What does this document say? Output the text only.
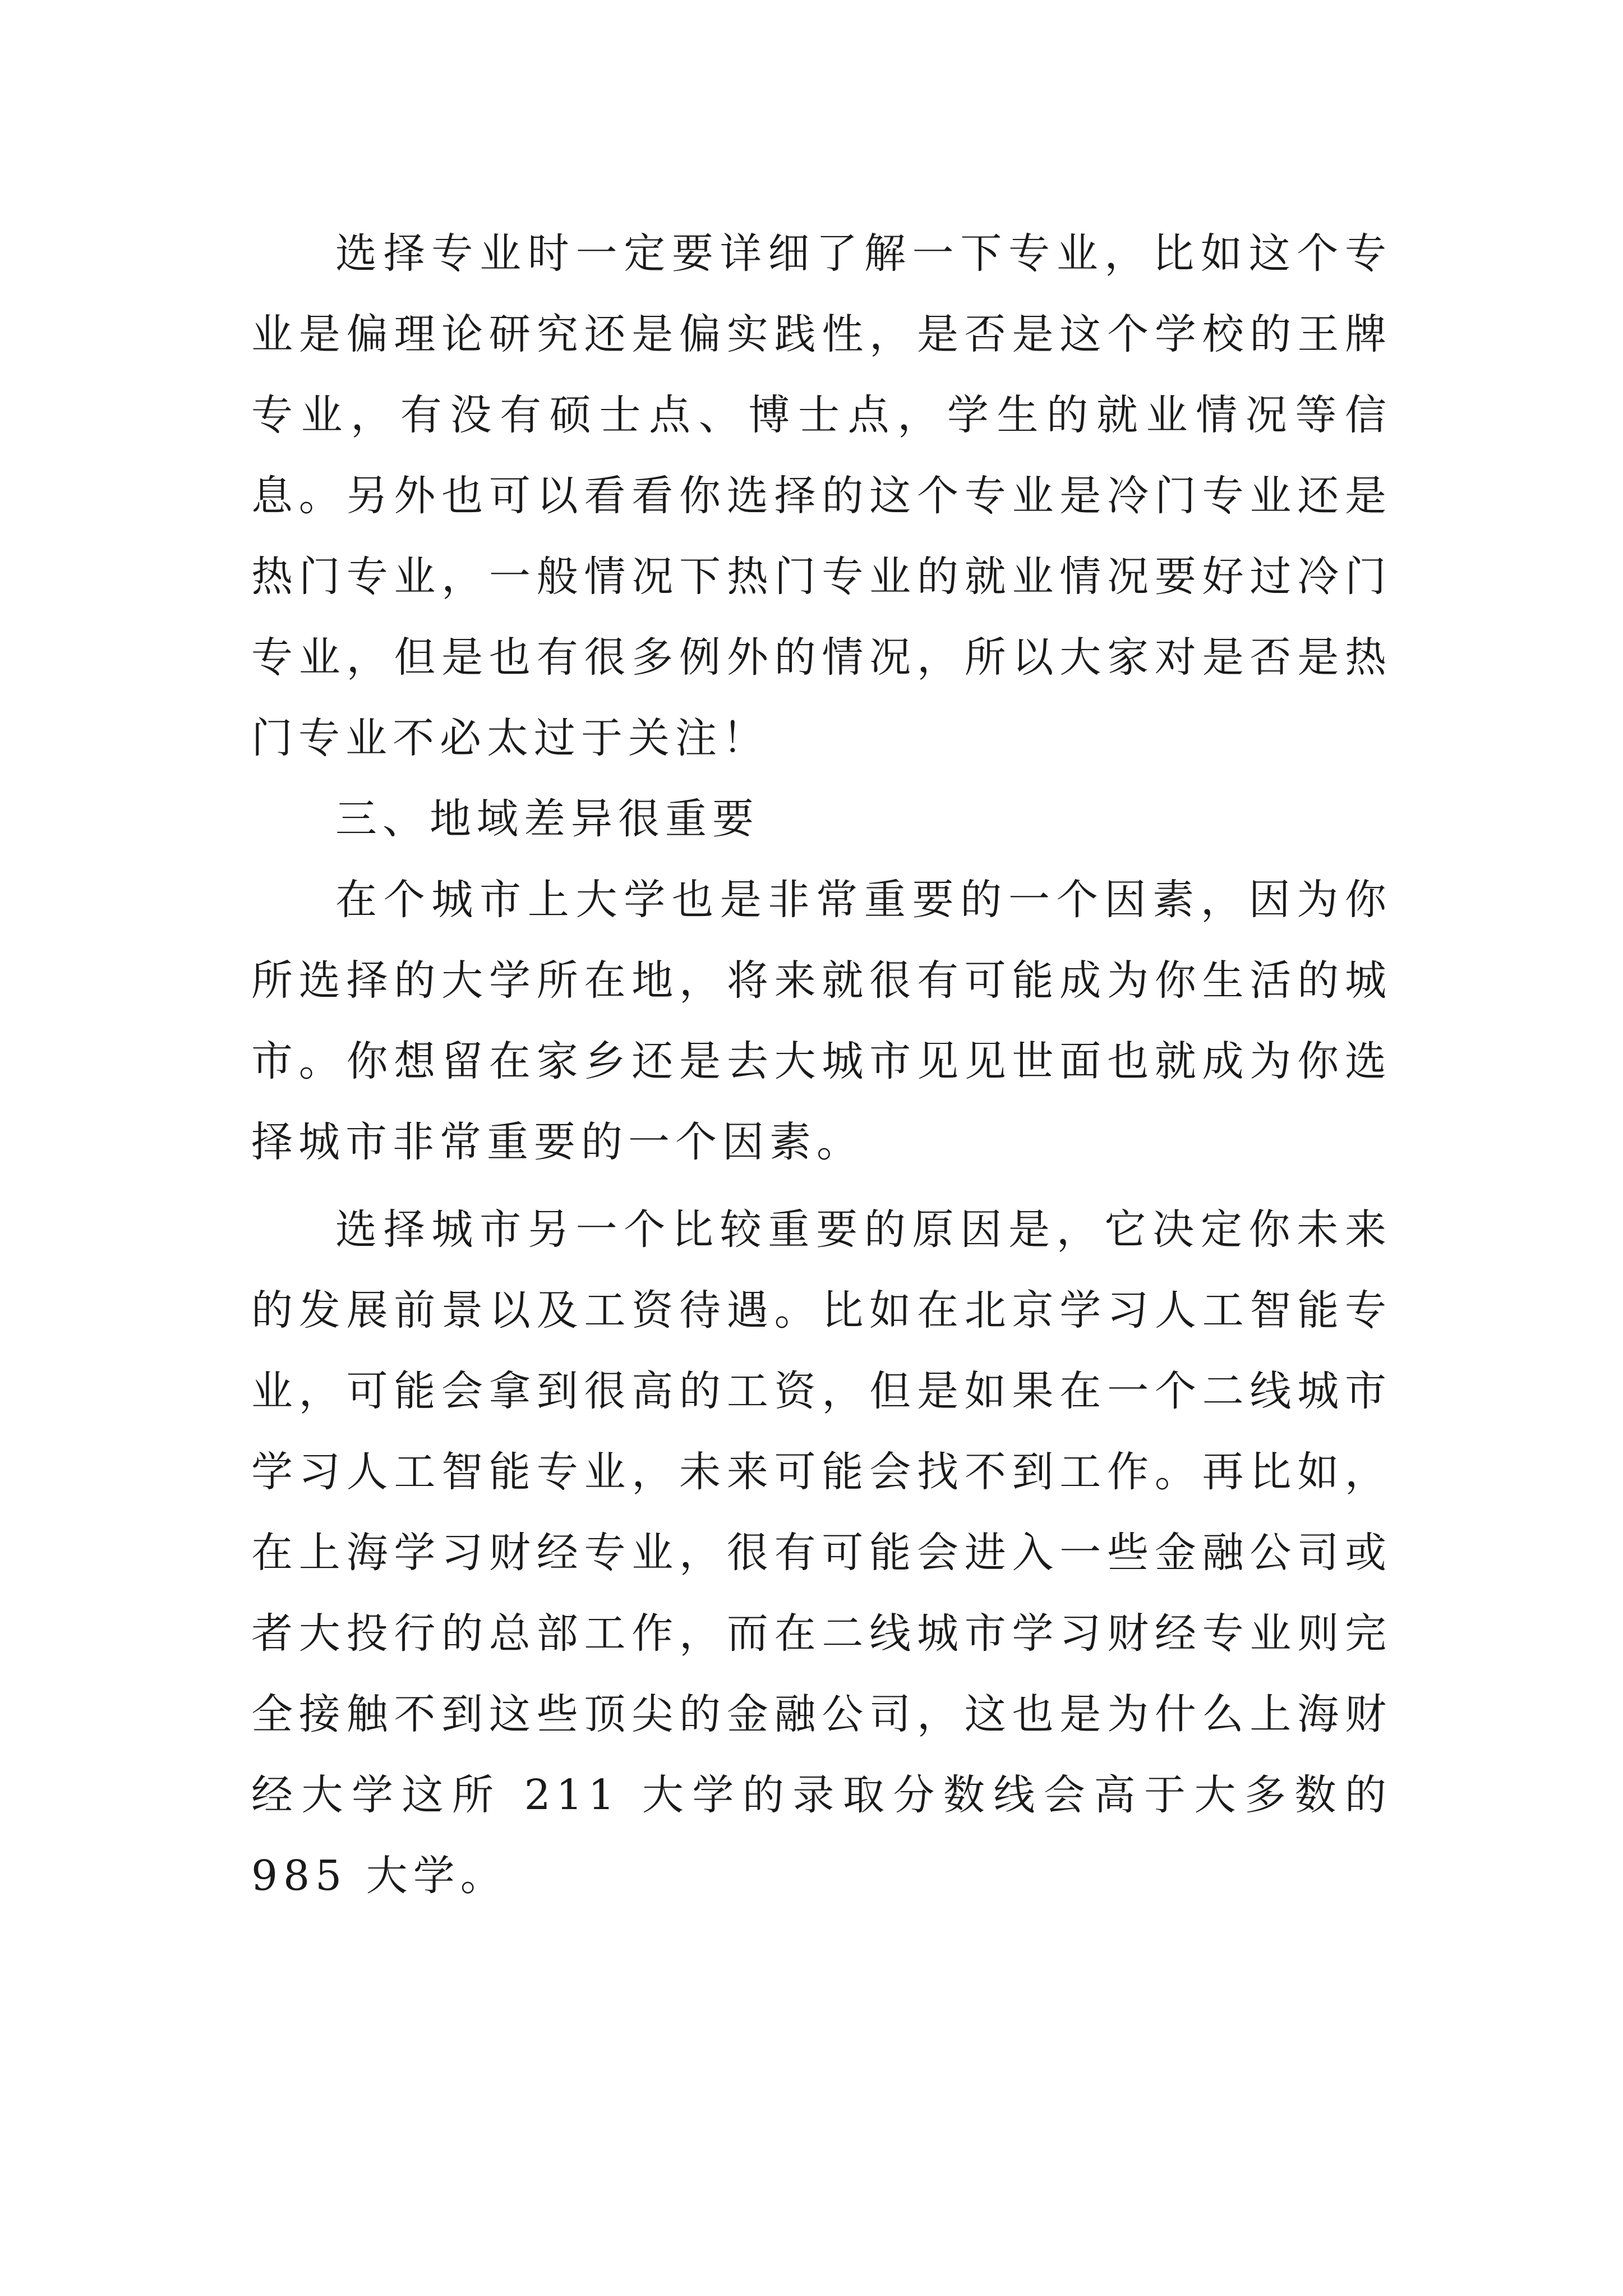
选择专业时一定要详细了解一下专业，比如这个专业是偏理论研究还是偏实践性，是否是这个学校的王牌专业，有没有硕士点、博士点，学生的就业情况等信息。另外也可以看看你选择的这个专业是冷门专业还是热门专业，一般情况下热门专业的就业情况要好过冷门专业，但是也有很多例外的情况，所以大家对是否是热门专业不必太过于关注！

三、地域差异很重要

在个城市上大学也是非常重要的一个因素，因为你所选择的大学所在地，将来就很有可能成为你生活的城市。你想留在家乡还是去大城市见见世面也就成为你选择城市非常重要的一个因素。

选择城市另一个比较重要的原因是，它决定你未来的发展前景以及工资待遇。比如在北京学习人工智能专业，可能会拿到很高的工资，但是如果在一个二线城市学习人工智能专业，未来可能会找不到工作。再比如，在上海学习财经专业，很有可能会进入一些金融公司或者大投行的总部工作，而在二线城市学习财经专业则完全接触不到这些顶尖的金融公司，这也是为什么上海财经大学这所 211 大学的录取分数线会高于大多数的 985 大学。
